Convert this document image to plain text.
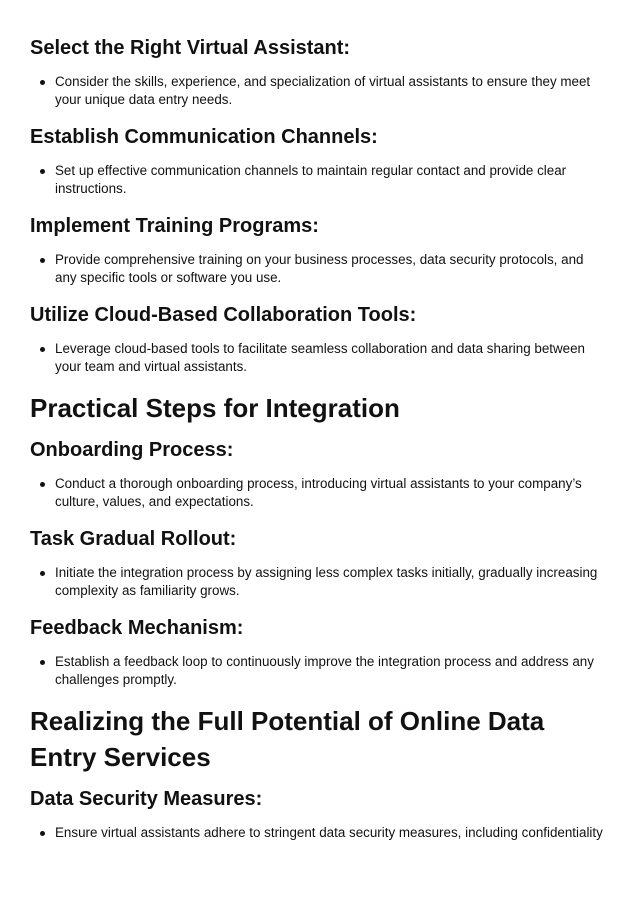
Select the Right Virtual Assistant:
Consider the skills, experience, and specialization of virtual assistants to ensure they meet your unique data entry needs.
Establish Communication Channels:
Set up effective communication channels to maintain regular contact and provide clear instructions.
Implement Training Programs:
Provide comprehensive training on your business processes, data security protocols, and any specific tools or software you use.
Utilize Cloud-Based Collaboration Tools:
Leverage cloud-based tools to facilitate seamless collaboration and data sharing between your team and virtual assistants.
Practical Steps for Integration
Onboarding Process:
Conduct a thorough onboarding process, introducing virtual assistants to your company’s culture, values, and expectations.
Task Gradual Rollout:
Initiate the integration process by assigning less complex tasks initially, gradually increasing complexity as familiarity grows.
Feedback Mechanism:
Establish a feedback loop to continuously improve the integration process and address any challenges promptly.
Realizing the Full Potential of Online Data Entry Services
Data Security Measures:
Ensure virtual assistants adhere to stringent data security measures, including confidentiality
